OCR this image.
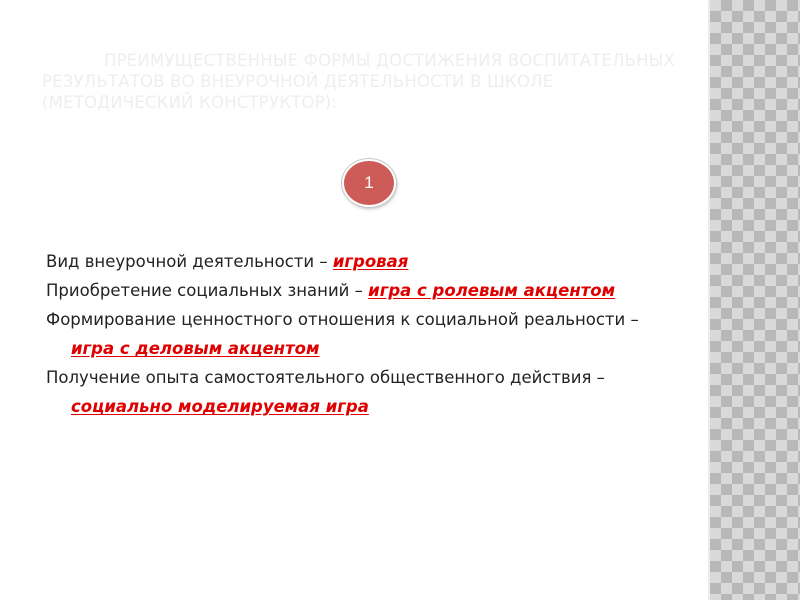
ПРЕИМУЩЕСТВЕННЫЕ ФОРМЫ ДОСТИЖЕНИЯ ВОСПИТАТЕЛЬНЫХ РЕЗУЛЬТАТОВ ВО ВНЕУРОЧНОЙ ДЕЯТЕЛЬНОСТИ В ШКОЛЕ (МЕТОДИЧЕСКИЙ КОНСТРУКТОР):
1
Вид внеурочной деятельности – игровая
Приобретение социальных знаний – игра с ролевым акцентом
Формирование ценностного отношения к социальной реальности – игра с деловым акцентом
Получение опыта самостоятельного общественного действия – социально моделируемая игра
